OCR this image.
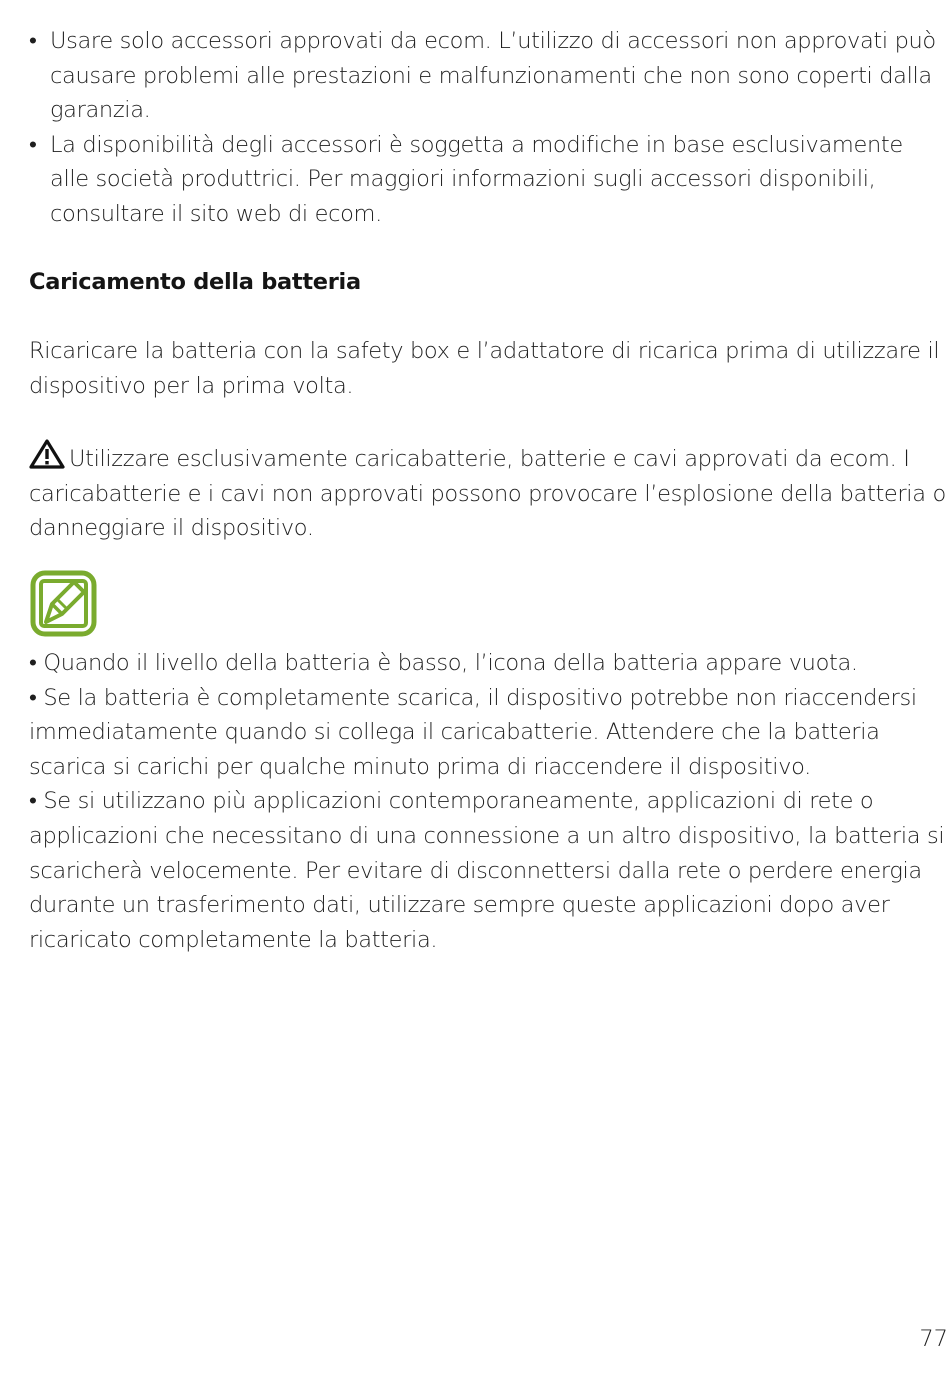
• Usare solo accessori approvati da ecom. L’utilizzo di accessori non approvati può causare problemi alle prestazioni e malfunzionamenti che non sono coperti dalla garanzia.
• La disponibilità degli accessori è soggetta a modifiche in base esclusivamente alle società produttrici. Per maggiori informazioni sugli accessori disponibili, consultare il sito web di ecom.
Caricamento della batteria

Ricaricare la batteria con la safety box e l’adattatore di ricarica prima di utilizzare il dispositivo per la prima volta.

Utilizzare esclusivamente caricabatterie, batterie e cavi approvati da ecom. I caricabatterie e i cavi non approvati possono provocare l’esplosione della batteria o danneggiare il dispositivo.

• Quando il livello della batteria è basso, l’icona della batteria appare vuota.

• Se la batteria è completamente scarica, il dispositivo potrebbe non riaccendersi immediatamente quando si collega il caricabatterie. Attendere che la batteria scarica si carichi per qualche minuto prima di riaccendere il dispositivo.

• Se si utilizzano più applicazioni contemporaneamente, applicazioni di rete o applicazioni che necessitano di una connessione a un altro dispositivo, la batteria si scaricherà velocemente. Per evitare di disconnettersi dalla rete o perdere energia durante un trasferimento dati, utilizzare sempre queste applicazioni dopo aver ricaricato completamente la batteria.

77
